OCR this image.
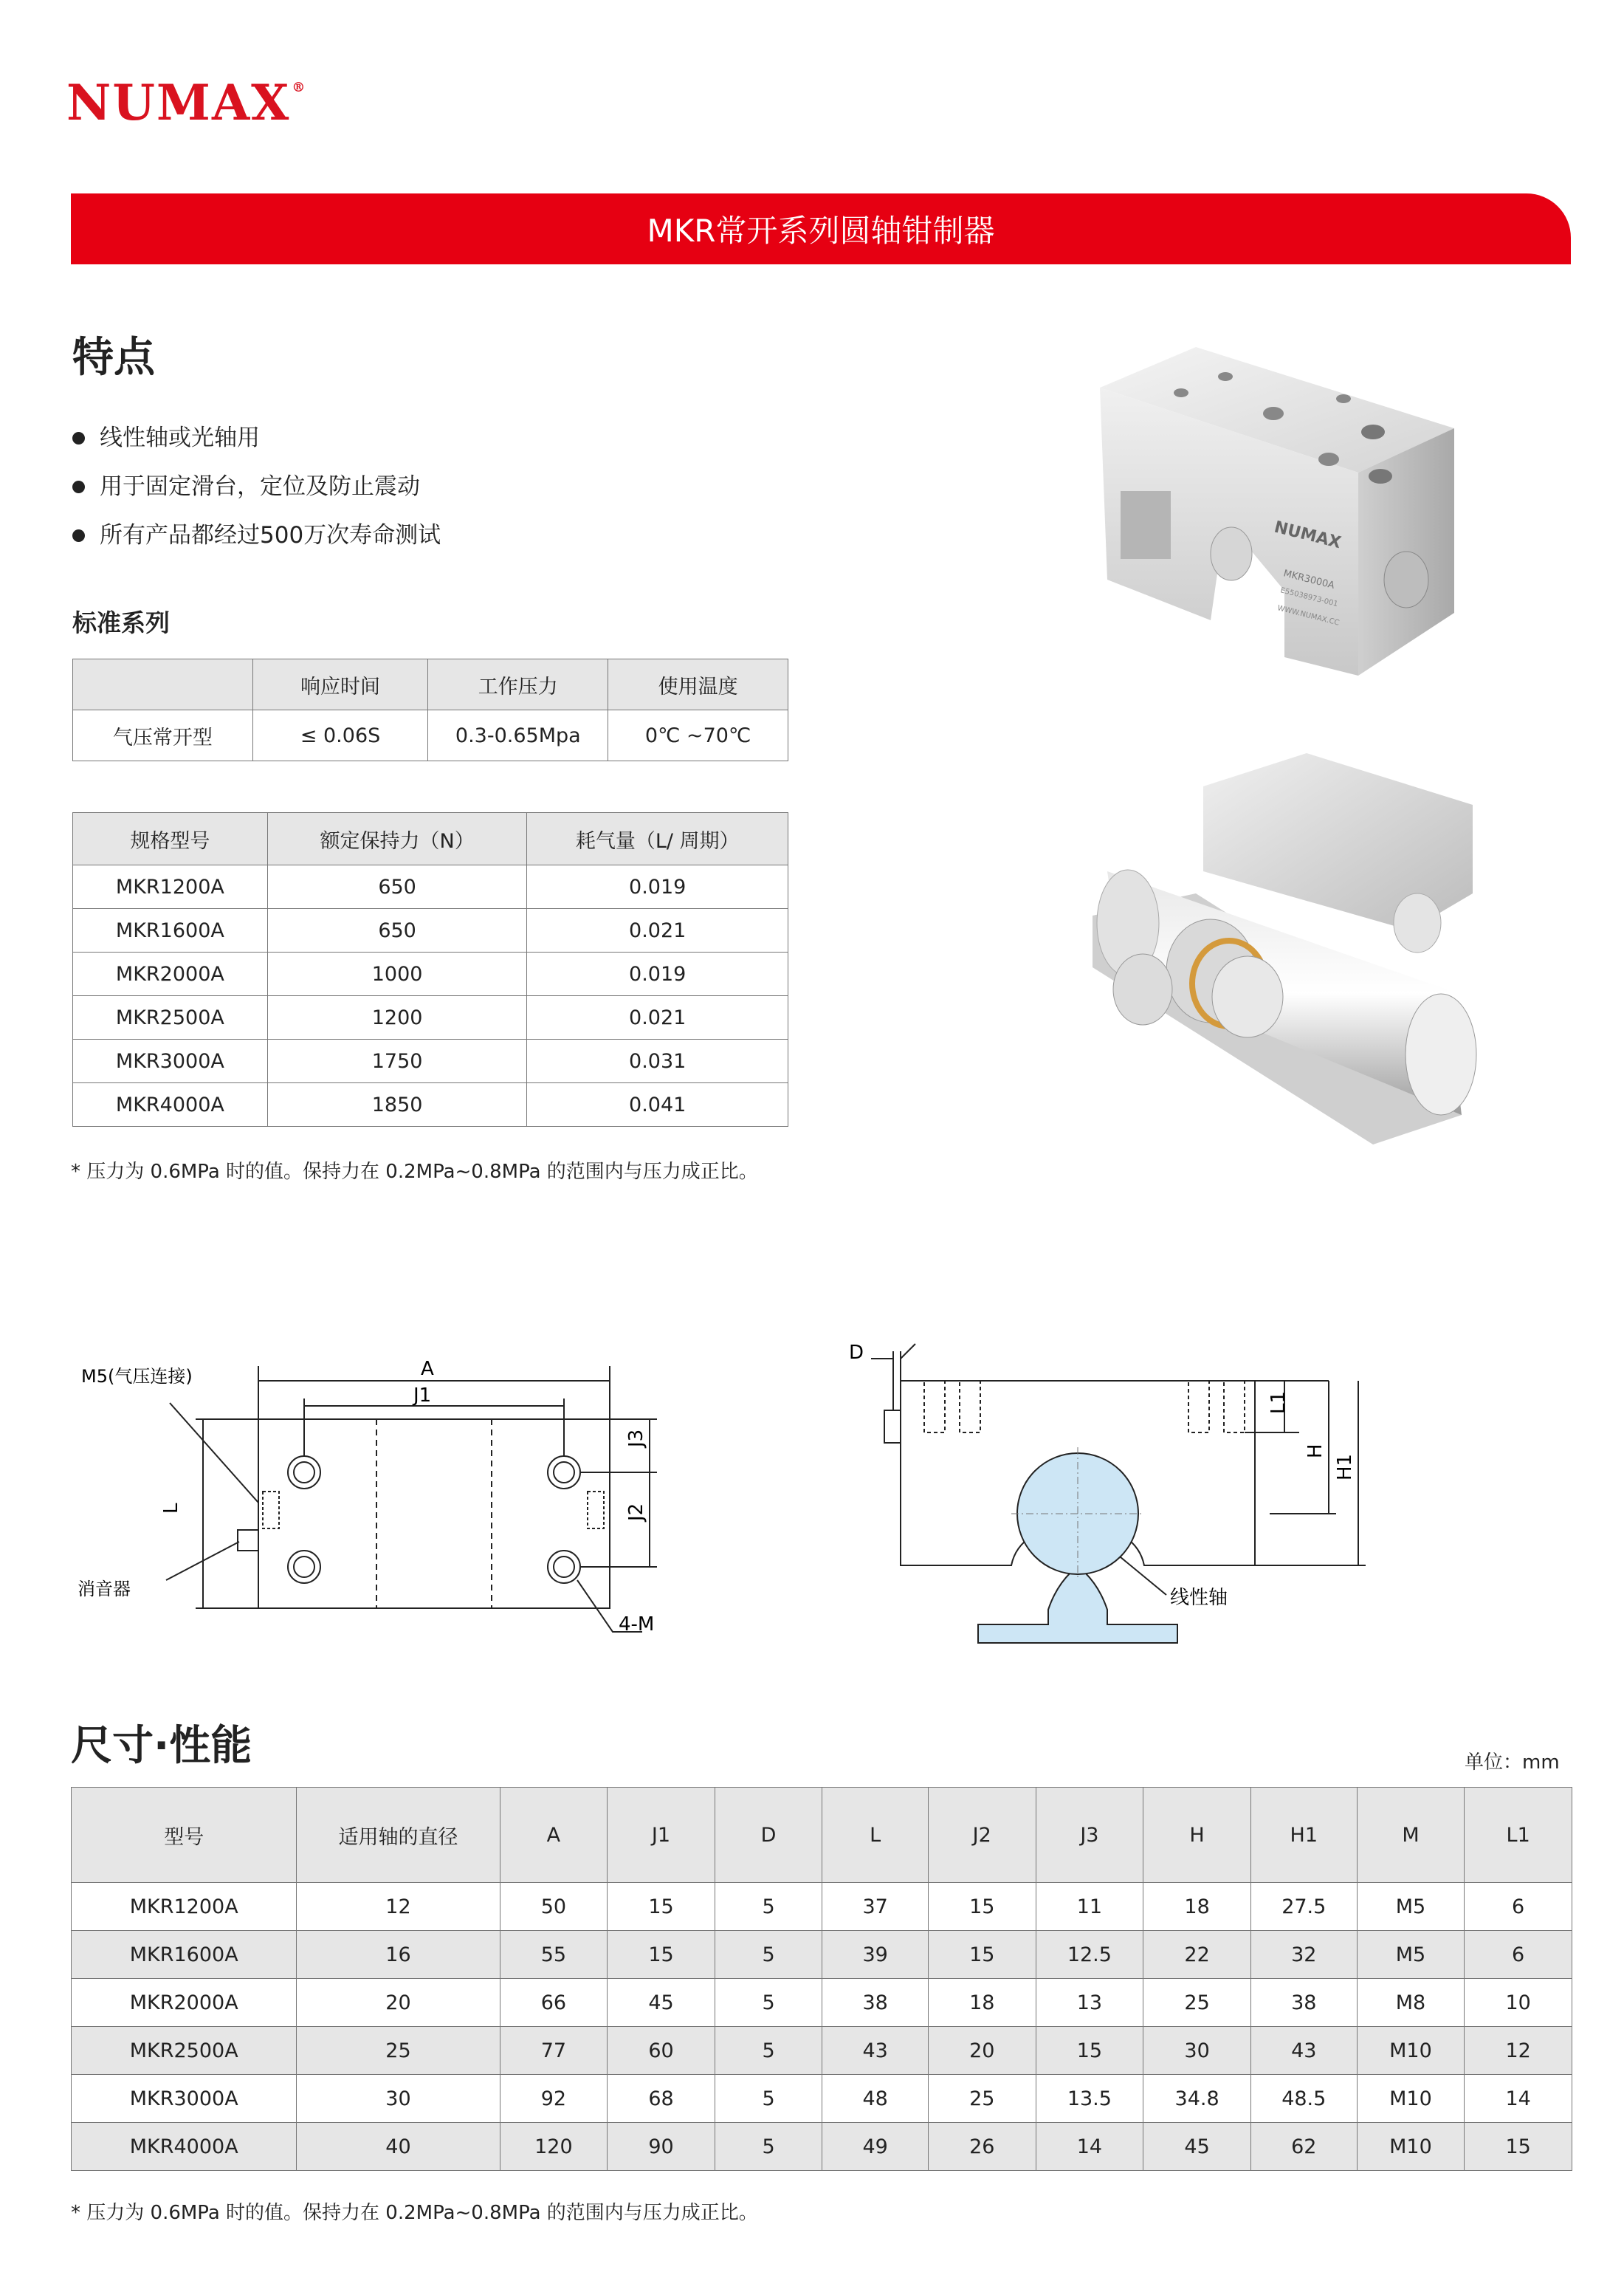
NUMAX ®
MKR常开系列圆轴钳制器
特点
线性轴或光轴用
用于固定滑台，定位及防止震动
所有产品都经过500万次寿命测试
标准系列
	响应时间	工作压力	使用温度
气压常开型	≤ 0.06S	0.3-0.65Mpa	0℃ ~70℃
规格型号	额定保持力（N）	耗气量（L/ 周期）
MKR1200A	650	0.019
MKR1600A	650	0.021
MKR2000A	1000	0.019
MKR2500A	1200	0.021
MKR3000A	1750	0.031
MKR4000A	1850	0.041
* 压力为 0.6MPa 时的值。保持力在 0.2MPa~0.8MPa 的范围内与压力成正比。
NUMAX
MKR3000A
E55038973-001
WWW.NUMAX.CC
A
J1
M5(气压连接)
L
J3
J2
消音器
4-M
D
L1
H
H1
线性轴
尺寸·性能	单位：mm
型号	适用轴的直径	A	J1	D	L	J2	J3	H	H1	M	L1
MKR1200A	12	50	15	5	37	15	11	18	27.5	M5	6
MKR1600A	16	55	15	5	39	15	12.5	22	32	M5	6
MKR2000A	20	66	45	5	38	18	13	25	38	M8	10
MKR2500A	25	77	60	5	43	20	15	30	43	M10	12
MKR3000A	30	92	68	5	48	25	13.5	34.8	48.5	M10	14
MKR4000A	40	120	90	5	49	26	14	45	62	M10	15
* 压力为 0.6MPa 时的值。保持力在 0.2MPa~0.8MPa 的范围内与压力成正比。
